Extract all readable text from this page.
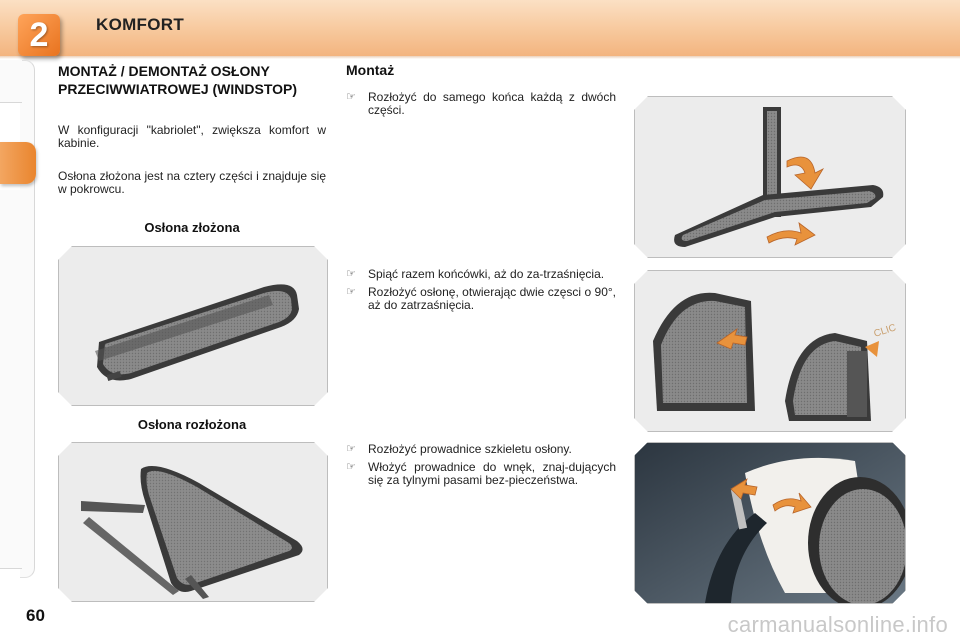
2	KOMFORT
MONTAŻ / DEMONTAŻ OSŁONY PRZECIWWIATROWEJ (WINDSTOP)

W konfiguracji "kabriolet", zwiększa komfort w kabinie.

Osłona złożona jest na cztery części i znajduje się w pokrowcu.

Osłona złożona

Osłona rozłożona

Montaż
☞ Rozłożyć do samego końca każdą z dwóch części.
☞ Spiąć razem końcówki, aż do za-trzaśnięcia.
☞ Rozłożyć osłonę, otwierając dwie częsci o 90°, aż do zatrzaśnięcia.
☞ Rozłożyć prowadnice szkieletu osłony.
☞ Włożyć prowadnice do wnęk, znaj-dujących się za tylnymi pasami bez-pieczeństwa.
CLIC

60	carmanualsonline.info
